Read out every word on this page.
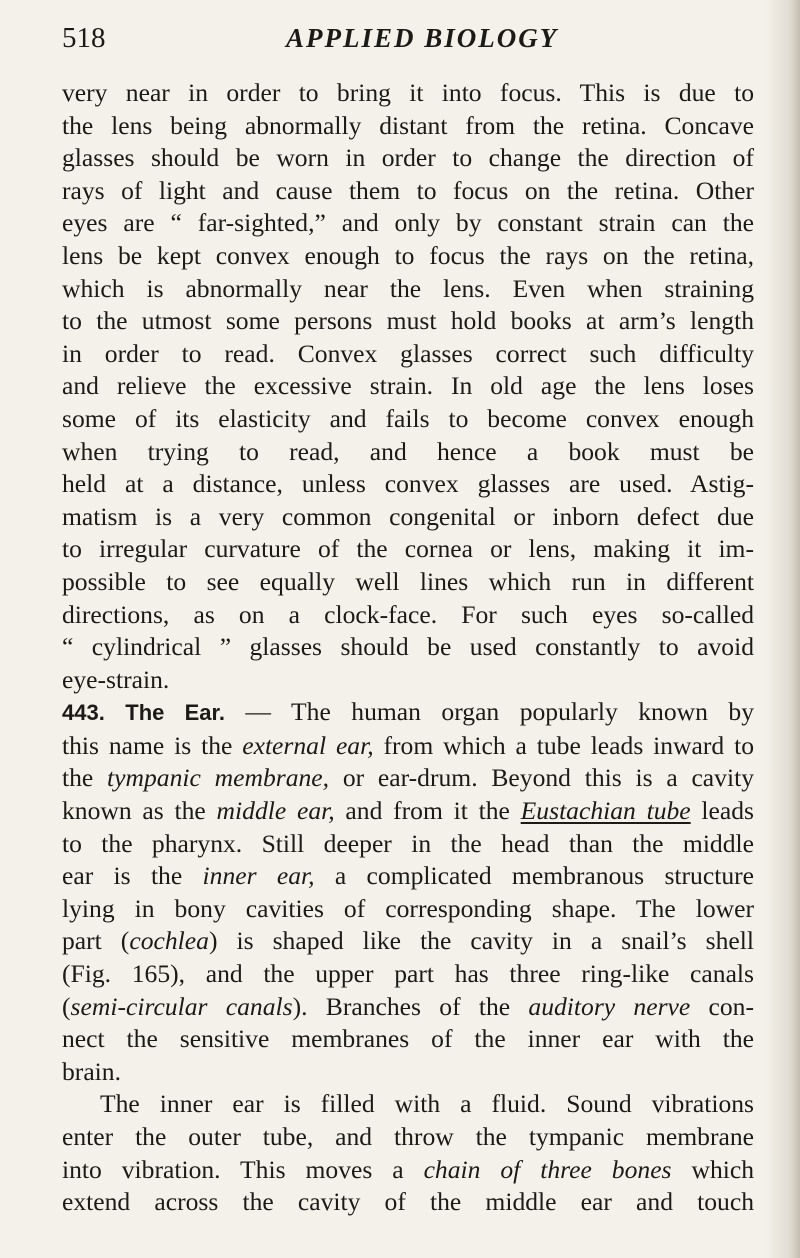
518	APPLIED BIOLOGY
very near in order to bring it into focus. This is due to
the lens being abnormally distant from the retina. Concave
glasses should be worn in order to change the direction of
rays of light and cause them to focus on the retina. Other
eyes are “ far-sighted,” and only by constant strain can the
lens be kept convex enough to focus the rays on the retina,
which is abnormally near the lens. Even when straining
to the utmost some persons must hold books at arm’s length
in order to read. Convex glasses correct such difficulty
and relieve the excessive strain. In old age the lens loses
some of its elasticity and fails to become convex enough
when trying to read, and hence a book must be
held at a distance, unless convex glasses are used. Astig-
matism is a very common congenital or inborn defect due
to irregular curvature of the cornea or lens, making it im-
possible to see equally well lines which run in different
directions, as on a clock-face. For such eyes so-called
“ cylindrical ” glasses should be used constantly to avoid
eye-strain.
443. The Ear. — The human organ popularly known by
this name is the external ear, from which a tube leads inward to
the tympanic membrane, or ear-drum. Beyond this is a cavity
known as the middle ear, and from it the Eustachian tube leads
to the pharynx. Still deeper in the head than the middle
ear is the inner ear, a complicated membranous structure
lying in bony cavities of corresponding shape. The lower
part (cochlea) is shaped like the cavity in a snail’s shell
(Fig. 165), and the upper part has three ring-like canals
(semi-circular canals). Branches of the auditory nerve con-
nect the sensitive membranes of the inner ear with the
brain.
The inner ear is filled with a fluid. Sound vibrations
enter the outer tube, and throw the tympanic membrane
into vibration. This moves a chain of three bones which
extend across the cavity of the middle ear and touch
